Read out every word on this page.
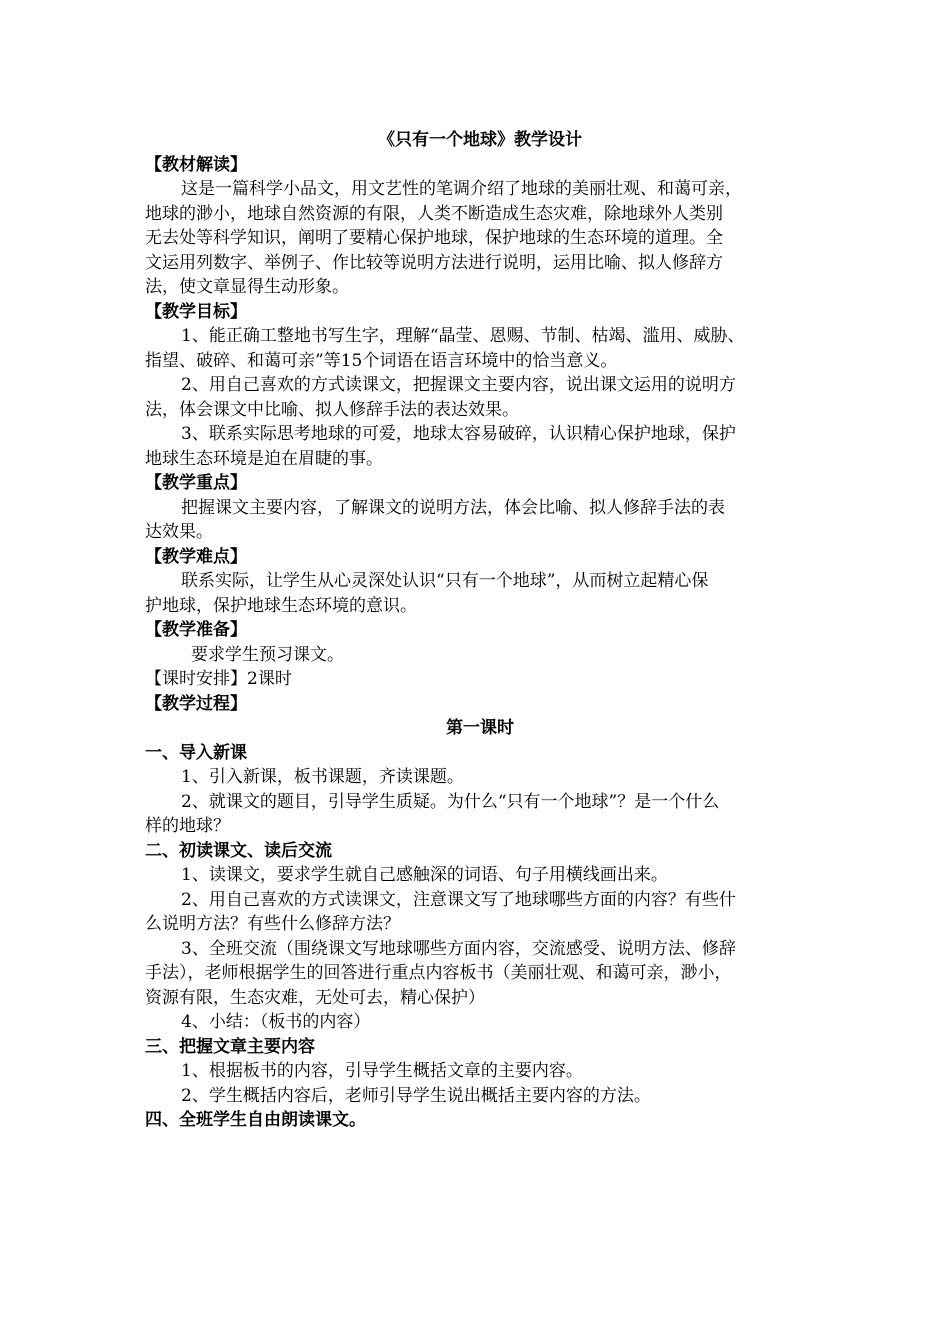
《只有一个地球》教学设计
【教材解读】
这是一篇科学小品文，用文艺性的笔调介绍了地球的美丽壮观、和蔼可亲，
地球的渺小，地球自然资源的有限，人类不断造成生态灾难，除地球外人类别
无去处等科学知识，阐明了要精心保护地球，保护地球的生态环境的道理。全
文运用列数字、举例子、作比较等说明方法进行说明，运用比喻、拟人修辞方
法，使文章显得生动形象。
【教学目标】
1、能正确工整地书写生字，理解“晶莹、恩赐、节制、枯竭、滥用、威胁、
指望、破碎、和蔼可亲”等15个词语在语言环境中的恰当意义。
2、用自己喜欢的方式读课文，把握课文主要内容，说出课文运用的说明方
法，体会课文中比喻、拟人修辞手法的表达效果。
3、联系实际思考地球的可爱，地球太容易破碎，认识精心保护地球，保护
地球生态环境是迫在眉睫的事。
【教学重点】
把握课文主要内容，了解课文的说明方法，体会比喻、拟人修辞手法的表
达效果。
【教学难点】
联系实际，让学生从心灵深处认识“只有一个地球”，从而树立起精心保
护地球，保护地球生态环境的意识。
【教学准备】
要求学生预习课文。
【课时安排】2课时
【教学过程】
第一课时
一、导入新课
1、引入新课，板书课题，齐读课题。
2、就课文的题目，引导学生质疑。为什么“只有一个地球”？是一个什么
样的地球？
二、初读课文、读后交流
1、读课文，要求学生就自己感触深的词语、句子用横线画出来。
2、用自己喜欢的方式读课文，注意课文写了地球哪些方面的内容？有些什
么说明方法？有些什么修辞方法？
3、全班交流（围绕课文写地球哪些方面内容，交流感受、说明方法、修辞
手法），老师根据学生的回答进行重点内容板书（美丽壮观、和蔼可亲，渺小，
资源有限，生态灾难，无处可去，精心保护）
4、小结：（板书的内容）
三、把握文章主要内容
1、根据板书的内容，引导学生概括文章的主要内容。
2、学生概括内容后，老师引导学生说出概括主要内容的方法。
四、全班学生自由朗读课文。
